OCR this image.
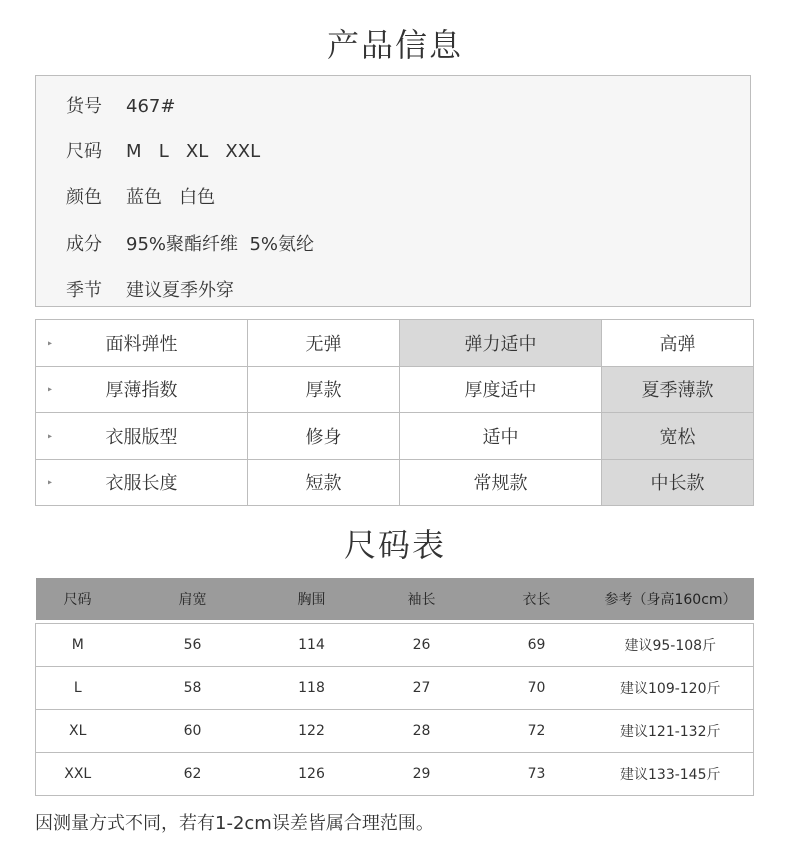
产品信息
货号 467#
尺码 M   L   XL   XXL
颜色 蓝色   白色
成分 95%聚酯纤维  5%氨纶
季节 建议夏季外穿
▸ 面料弹性	无弹	弹力适中	高弹

▸ 厚薄指数	厚款	厚度适中	夏季薄款

▸ 衣服版型	修身	适中	宽松

▸ 衣服长度	短款	常规款	中长款
尺码表
尺码	肩宽	胸围	袖长	衣长	参考（身高160cm）

M	56	114	26	69	建议95-108斤
L	58	118	27	70	建议109-120斤
XL	60	122	28	72	建议121-132斤
XXL	62	126	29	73	建议133-145斤
因测量方式不同，若有1-2cm误差皆属合理范围。
